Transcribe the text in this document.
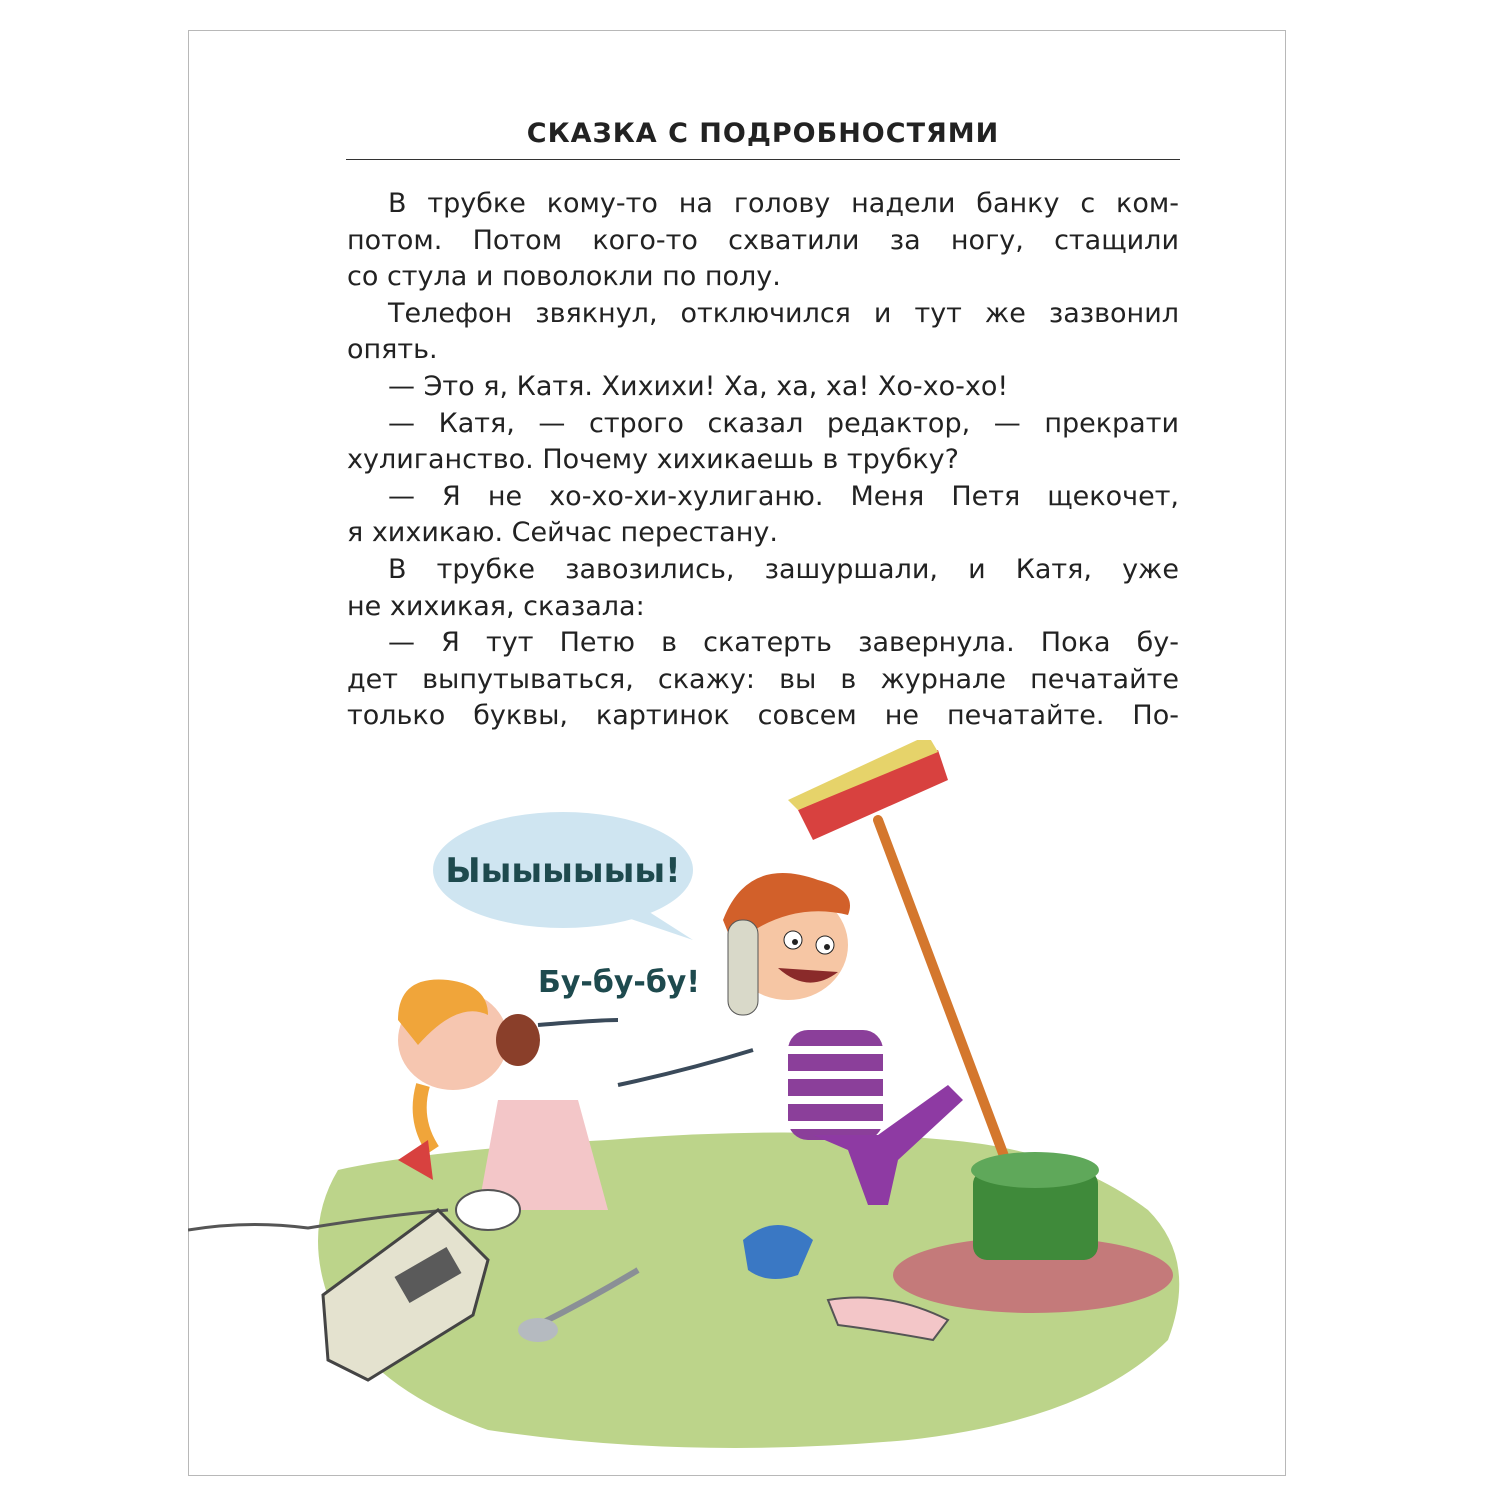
СКАЗКА С ПОДРОБНОСТЯМИ
В трубке кому-то на голову надели банку с ком-
потом. Потом кого-то схватили за ногу, стащили
со стула и поволокли по полу.
Телефон звякнул, отключился и тут же зазвонил
опять.
— Это я, Катя. Хихихи! Ха, ха, ха! Хо-хо-хо!
— Катя, — строго сказал редактор, — прекрати
хулиганство. Почему хихикаешь в трубку?
— Я не хо-хо-хи-хулиганю. Меня Петя щекочет,
я хихикаю. Сейчас перестану.
В трубке завозились, зашуршали, и Катя, уже
не хихикая, сказала:
— Я тут Петю в скатерть завернула. Пока бу-
дет выпутываться, скажу: вы в журнале печатайте
только буквы, картинок совсем не печатайте. По-
Ыыыыыыы!
Бу-бу-бу!
